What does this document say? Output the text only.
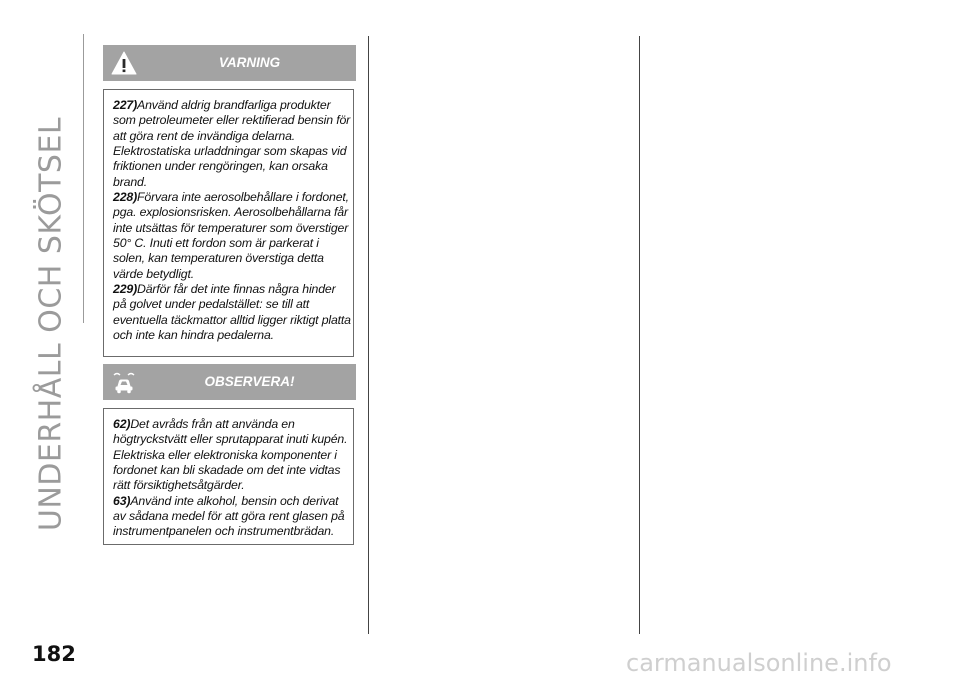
UNDERHÅLL OCH SKÖTSEL
VARNING

227)Använd aldrig brandfarliga produkter som petroleumeter eller rektifierad bensin för att göra rent de invändiga delarna. Elektrostatiska urladdningar som skapas vid friktionen under rengöringen, kan orsaka brand.

228)Förvara inte aerosolbehållare i fordonet, pga. explosionsrisken. Aerosolbehållarna får inte utsättas för temperaturer som överstiger 50° C. Inuti ett fordon som är parkerat i solen, kan temperaturen överstiga detta värde betydligt.

229)Därför får det inte finnas några hinder på golvet under pedalstället: se till att eventuella täckmattor alltid ligger riktigt platta och inte kan hindra pedalerna.

OBSERVERA!

62)Det avråds från att använda en högtryckstvätt eller sprutapparat inuti kupén. Elektriska eller elektroniska komponenter i fordonet kan bli skadade om det inte vidtas rätt försiktighetsåtgärder.

63)Använd inte alkohol, bensin och derivat av sådana medel för att göra rent glasen på instrumentpanelen och instrumentbrädan.

182	carmanualsonline.info
